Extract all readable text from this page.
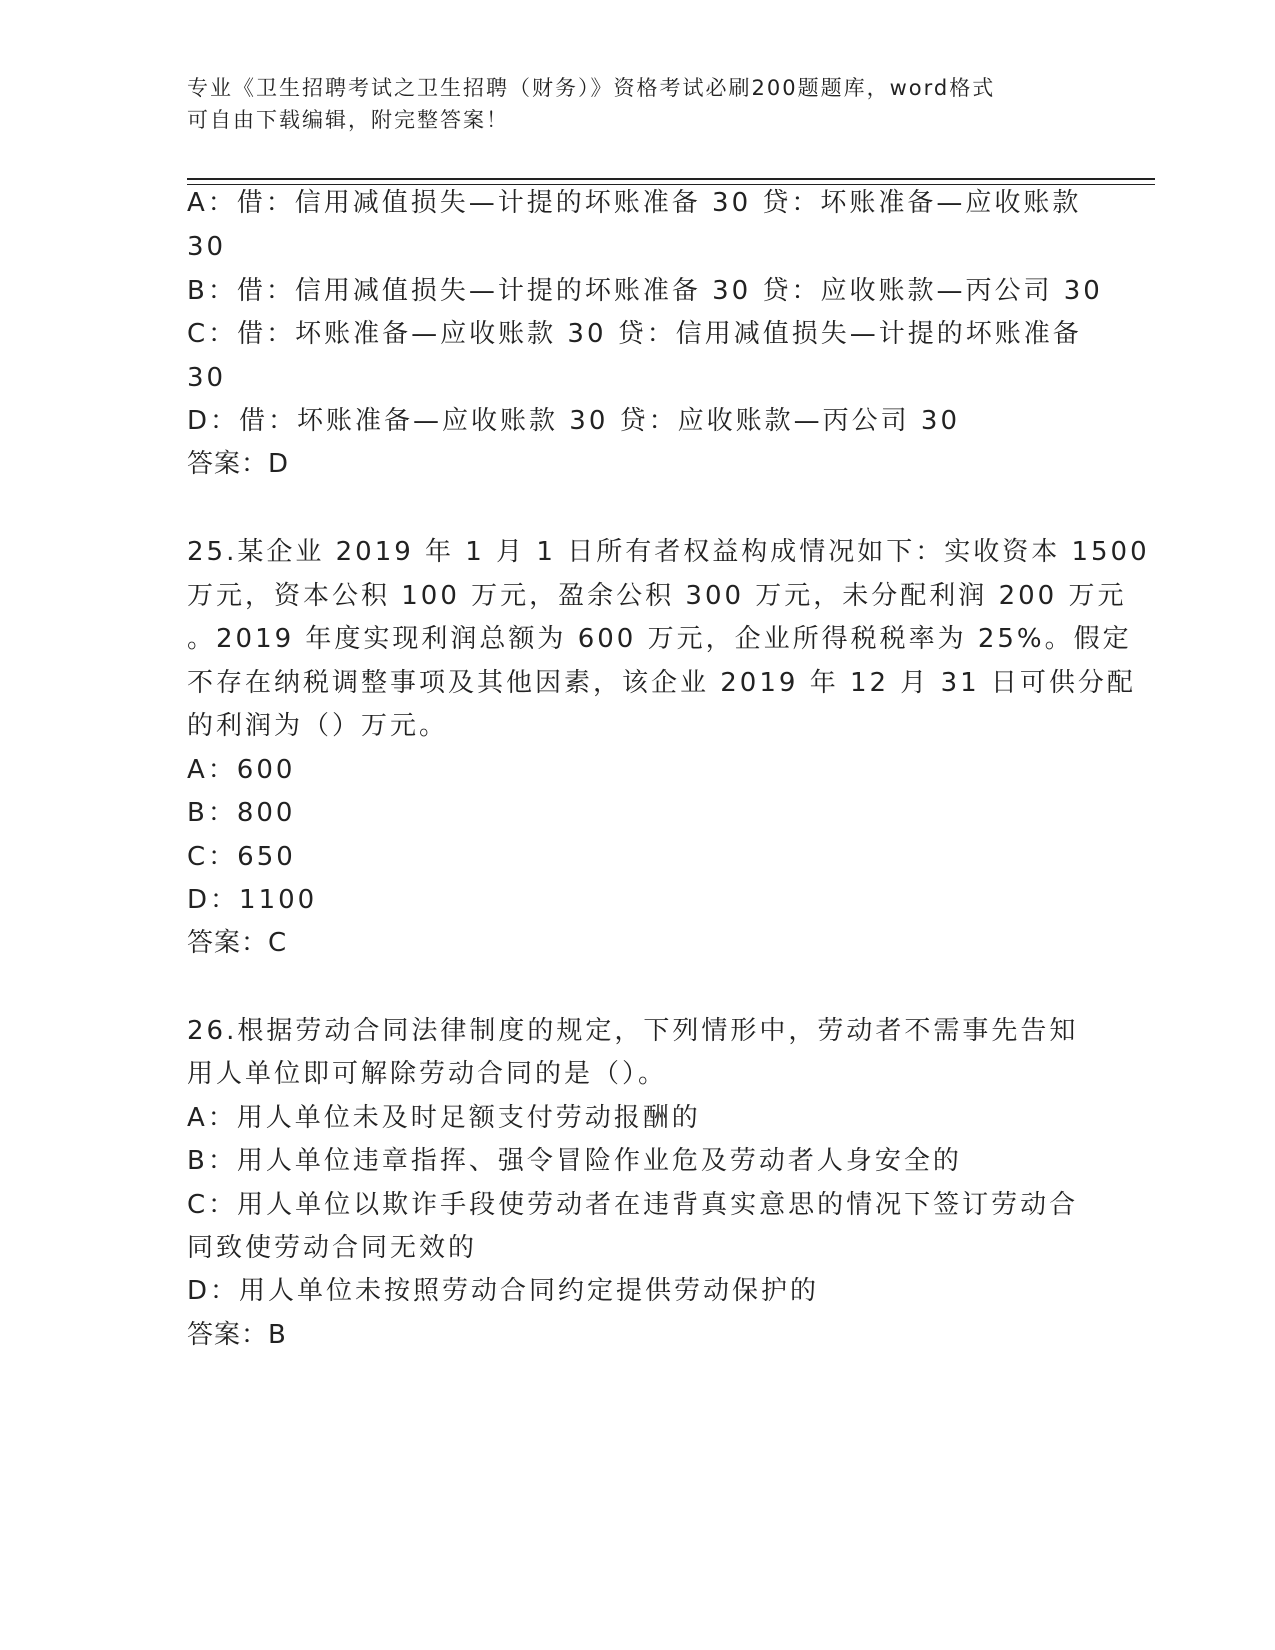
专业《卫生招聘考试之卫生招聘（财务）》资格考试必刷200题题库，word格式
可自由下载编辑，附完整答案！
A：借：信用减值损失—计提的坏账准备 30 贷：坏账准备—应收账款
30
B：借：信用减值损失—计提的坏账准备 30 贷：应收账款—丙公司 30
C：借：坏账准备—应收账款 30 贷：信用减值损失—计提的坏账准备
30
D：借：坏账准备—应收账款 30 贷：应收账款—丙公司 30
答案：D
25.某企业 2019 年 1 月 1 日所有者权益构成情况如下：实收资本 1500
万元，资本公积 100 万元，盈余公积 300 万元，未分配利润 200 万元
。2019 年度实现利润总额为 600 万元，企业所得税税率为 25%。假定
不存在纳税调整事项及其他因素，该企业 2019 年 12 月 31 日可供分配
的利润为（）万元。
A：600
B：800
C：650
D：1100
答案：C
26.根据劳动合同法律制度的规定，下列情形中，劳动者不需事先告知
用人单位即可解除劳动合同的是（）。
A：用人单位未及时足额支付劳动报酬的
B：用人单位违章指挥、强令冒险作业危及劳动者人身安全的
C：用人单位以欺诈手段使劳动者在违背真实意思的情况下签订劳动合
同致使劳动合同无效的
D：用人单位未按照劳动合同约定提供劳动保护的
答案：B
